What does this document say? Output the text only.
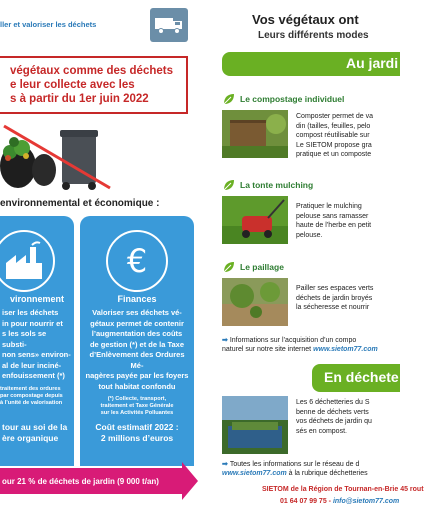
ller et valoriser les déchets
végétaux comme des déchets
e leur collecte avec les
s à partir du 1er juin 2022
environnemental et économique :
vironnement
iser les déchets
in pour nourrir et
s les sols se substi-
non sens» environ-
al de leur inciné-
enfouissement (*)
traitement des ordures
par compostage depuis
à l’unité de valorisation
tour au soi de la
ère organique
€
Finances
Valoriser ses déchets vé-
gétaux permet de contenir
l’augmentation des coûts
de gestion (*) et de la Taxe
d’Enlèvement des Ordures Mé-
nagères payée par les foyers
tout habitat confondu
(*) Collecte, transport,
traitement et Taxe Générale
sur les Activités Polluantes
Coût estimatif 2022 :
2 millions d’euros
our 21 % de déchets de jardin (9 000 t/an)
Vos végétaux ont
Leurs différents modes
Au jardi
Le compostage individuel
Composter permet de va
din (tailles, feuilles, pelo
compost réutilisable sur
Le SIETOM propose gra
pratique et un composte
La tonte mulching
Pratiquer le mulching
pelouse sans ramasser
haute de l’herbe en petit
pelouse.
Le paillage
Pailler ses espaces verts
déchets de jardin broyés
la sécheresse et nourrir
➡ Informations sur l’acquisition d’un compo
naturel sur notre site internet www.sietom77.com
En déchete
Les 6 déchetteries du S
benne de déchets verts
vos déchets de jardin qu
sés en compost.
➡ Toutes les informations sur le réseau de d
www.sietom77.com à la rubrique déchetteries
SIETOM de la Région de Tournan-en-Brie 45 rout
01 64 07 99 75 - info@sietom77.com
